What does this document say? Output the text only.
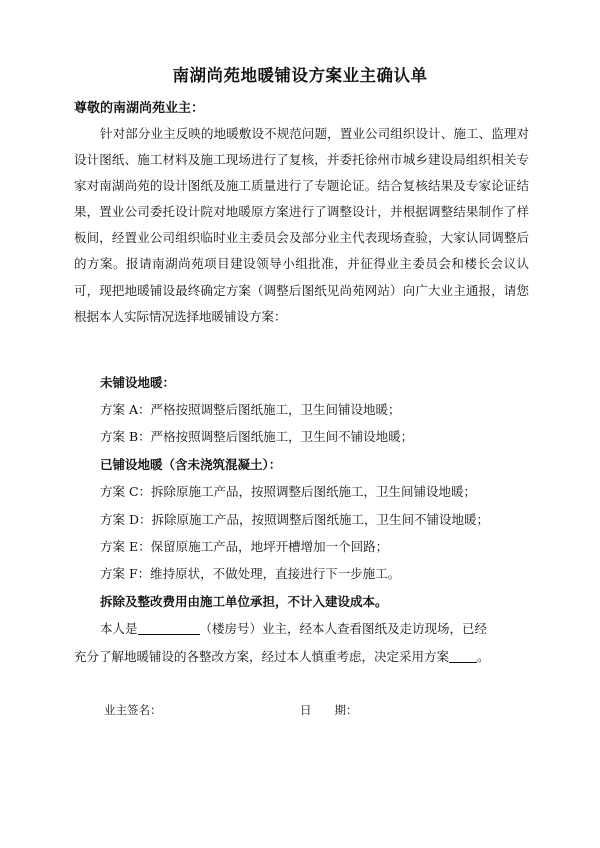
南湖尚苑地暖铺设方案业主确认单
尊敬的南湖尚苑业主：
针对部分业主反映的地暖敷设不规范问题，置业公司组织设计、施工、监理对设计图纸、施工材料及施工现场进行了复核，并委托徐州市城乡建设局组织相关专家对南湖尚苑的设计图纸及施工质量进行了专题论证。结合复核结果及专家论证结果，置业公司委托设计院对地暖原方案进行了调整设计，并根据调整结果制作了样板间，经置业公司组织临时业主委员会及部分业主代表现场查验，大家认同调整后的方案。报请南湖尚苑项目建设领导小组批准，并征得业主委员会和楼长会议认可，现把地暖铺设最终确定方案（调整后图纸见尚苑网站）向广大业主通报，请您根据本人实际情况选择地暖铺设方案：
未铺设地暖：
方案 A：严格按照调整后图纸施工，卫生间铺设地暖；
方案 B：严格按照调整后图纸施工，卫生间不铺设地暖；
已铺设地暖（含未浇筑混凝土）：
方案 C：拆除原施工产品，按照调整后图纸施工，卫生间铺设地暖；
方案 D：拆除原施工产品，按照调整后图纸施工，卫生间不铺设地暖；
方案 E：保留原施工产品，地坪开槽增加一个回路；
方案 F：维持原状，不做处理，直接进行下一步施工。
拆除及整改费用由施工单位承担，不计入建设成本。
本人是	（楼房号）业主，经本人查看图纸及走访现场，已经
充分了解地暖铺设的各整改方案，经过本人慎重考虑，决定采用方案 。
业主签名：	日　　期：
